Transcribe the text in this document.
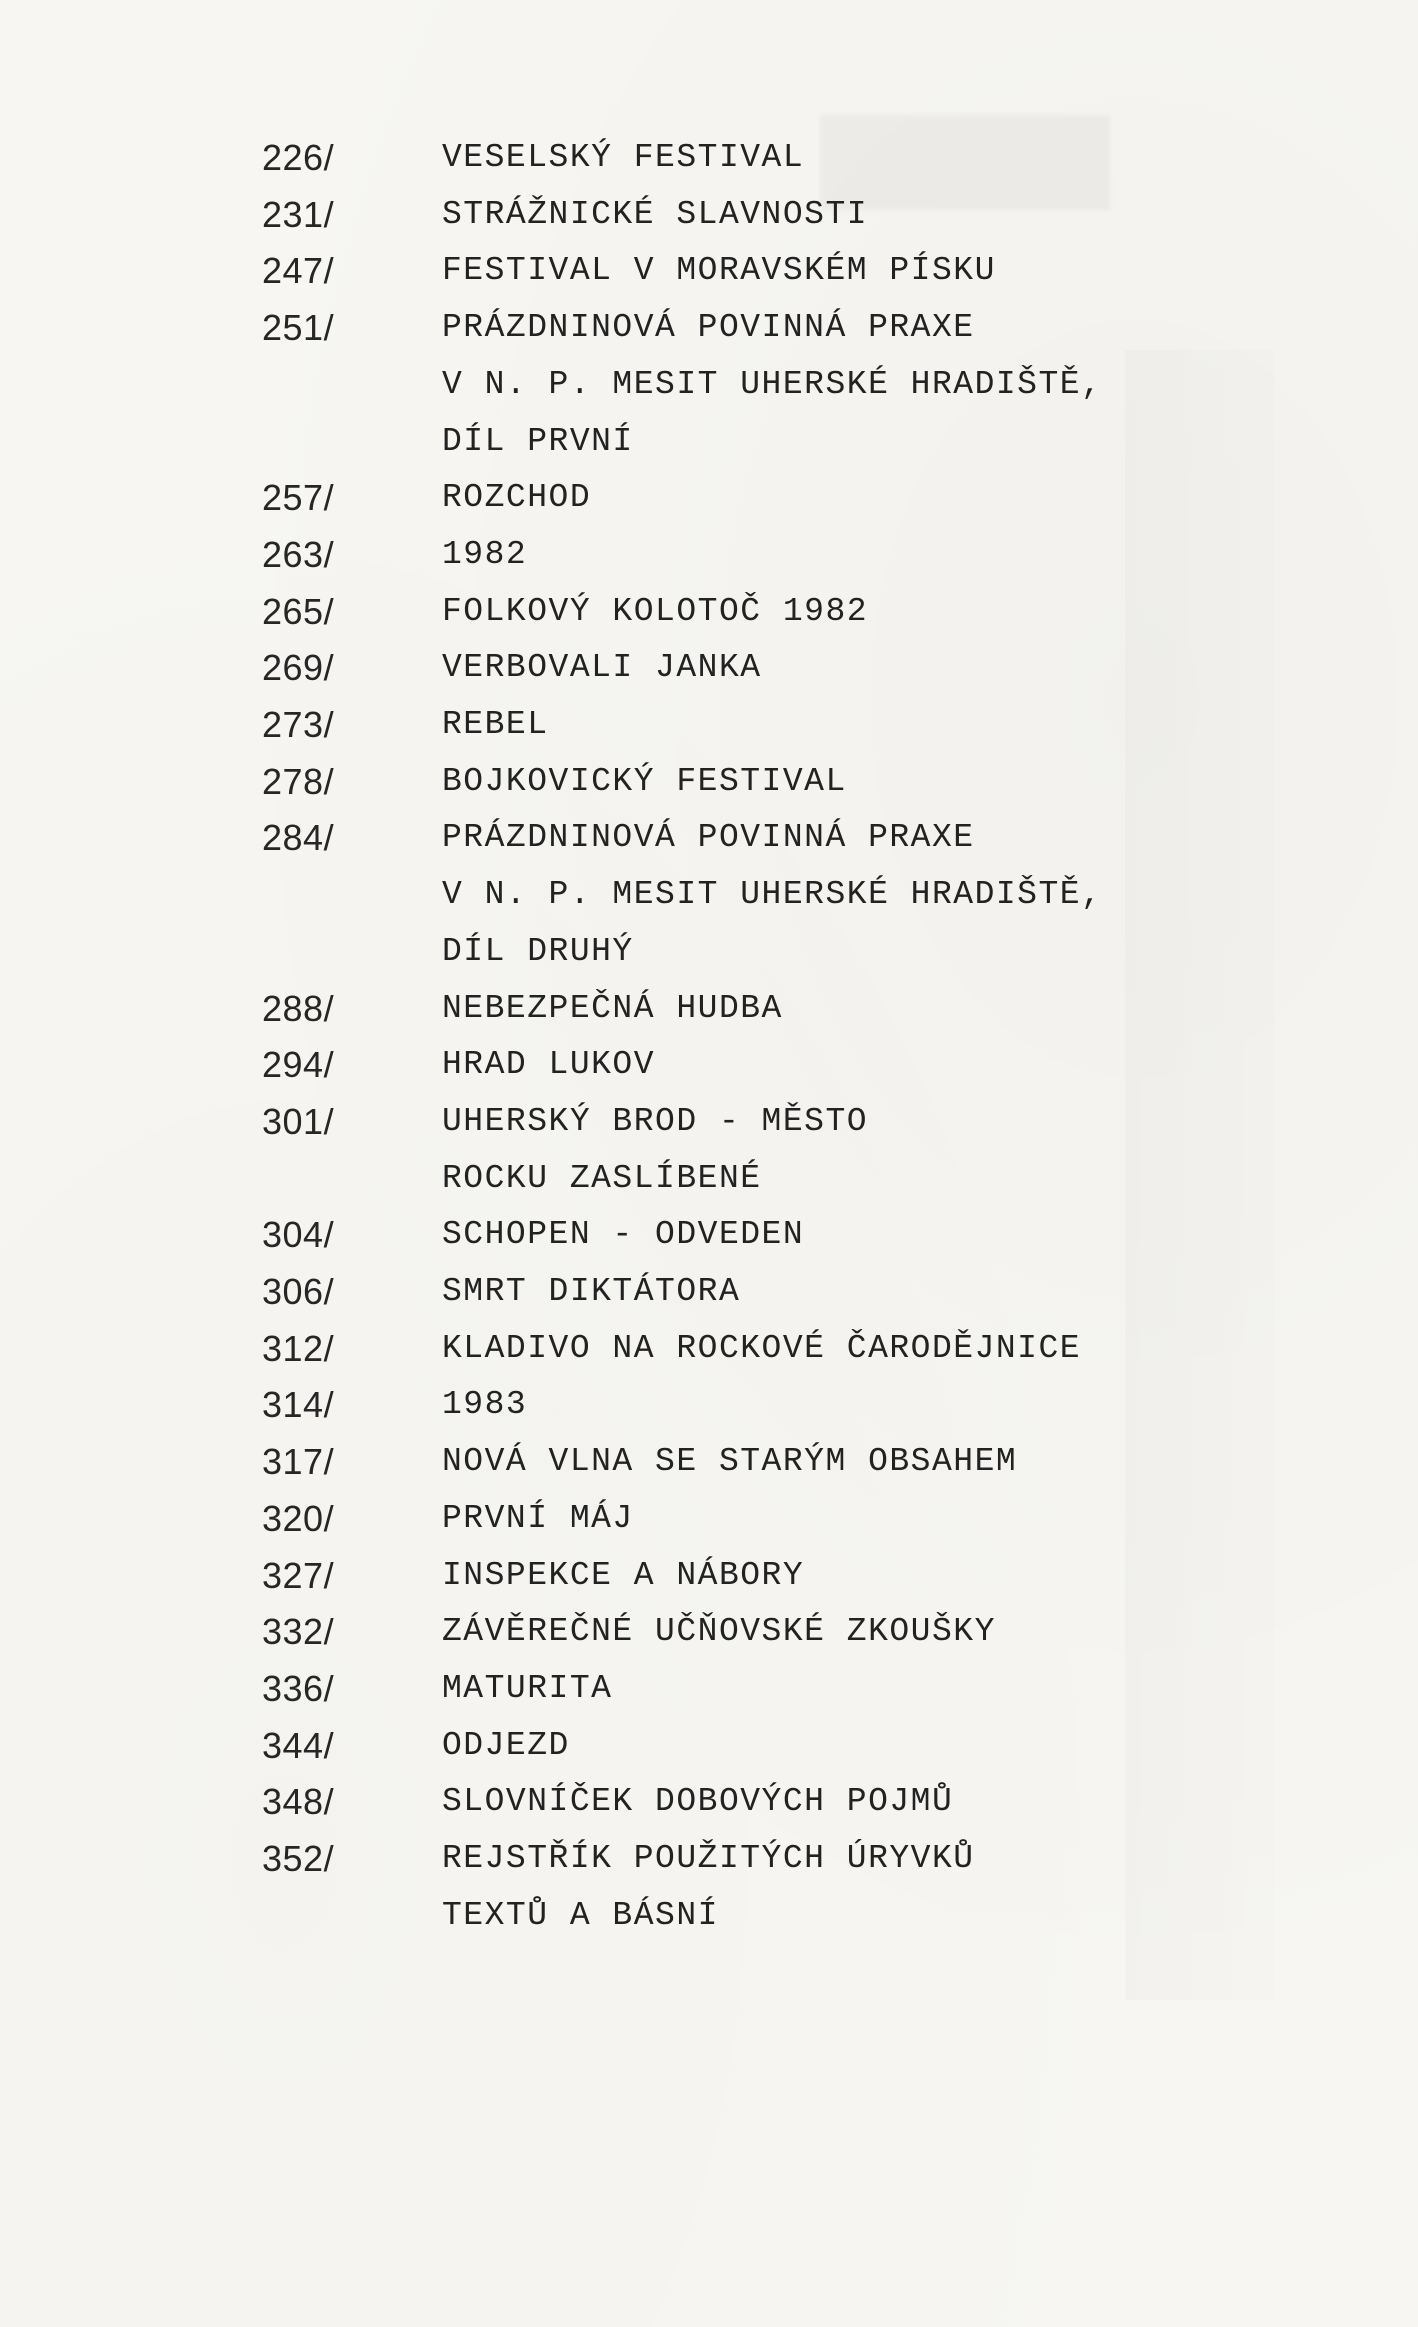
226/	VESELSKÝ FESTIVAL
231/	STRÁŽNICKÉ SLAVNOSTI
247/	FESTIVAL V MORAVSKÉM PÍSKU
251/	PRÁZDNINOVÁ POVINNÁ PRAXE
V N. P. MESIT UHERSKÉ HRADIŠTĚ,
DÍL PRVNÍ
257/	ROZCHOD
263/	1982
265/	FOLKOVÝ KOLOTOČ 1982
269/	VERBOVALI JANKA
273/	REBEL
278/	BOJKOVICKÝ FESTIVAL
284/	PRÁZDNINOVÁ POVINNÁ PRAXE
V N. P. MESIT UHERSKÉ HRADIŠTĚ,
DÍL DRUHÝ
288/	NEBEZPEČNÁ HUDBA
294/	HRAD LUKOV
301/	UHERSKÝ BROD - MĚSTO
ROCKU ZASLÍBENÉ
304/	SCHOPEN - ODVEDEN
306/	SMRT DIKTÁTORA
312/	KLADIVO NA ROCKOVÉ ČARODĚJNICE
314/	1983
317/	NOVÁ VLNA SE STARÝM OBSAHEM
320/	PRVNÍ MÁJ
327/	INSPEKCE A NÁBORY
332/	ZÁVĚREČNÉ UČŇOVSKÉ ZKOUŠKY
336/	MATURITA
344/	ODJEZD
348/	SLOVNÍČEK DOBOVÝCH POJMŮ
352/	REJSTŘÍK POUŽITÝCH ÚRYVKŮ
TEXTŮ A BÁSNÍ
